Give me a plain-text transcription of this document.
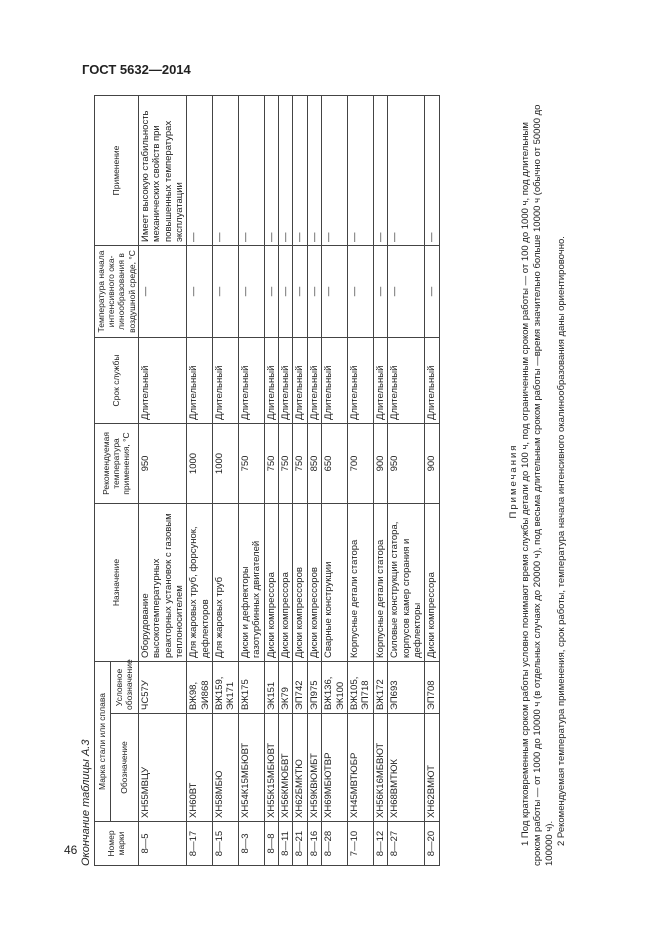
ГОСТ 5632—2014
Окончание таблицы А.3 Номер марки	Марка стали или сплава		Назначение	Рекомендуемая температура применения, °С	Срок службы	Температура начала интенсивного ока-линообразования в воздушной среде, °С	Применение
	Обозначение	Условное обозначение					
8—5	ХН55МВЦУ	ЧС57У	Оборудование высокотемпературных реакторных установок с газовым теплоносителем	950	Длительный	—	Имеет высокую стабильность механических свойств при повышенных температурах эксплуатации
8—17	ХН60ВТ	ВЖ98, ЭИ868	Для жаровых труб, форсунок, дефлекторов	1000	Длительный	—	—
8—15	ХН58МБЮ	ВЖ159, ЭК171	Для жаровых труб	1000	Длительный	—	—
8—3	ХН54К15МБЮВТ	ВЖ175	Диски и дефлекторы газотурбинных двигателей	750	Длительный	—	—
8—8	ХН55К15МБЮВТ	ЭК151	Диски компрессора	750	Длительный	—	—
8—11	ХН56КМЮБВТ	ЭК79	Диски компрессора	750	Длительный	—	—
8—21	ХН62БМКТЮ	ЭП742	Диски компрессоров	750	Длительный	—	—
8—16	ХН59КВЮМБТ	ЭП975	Диски компрессоров	850	Длительный	—	—
8—28	ХН69МБЮТВР	ВЖ136, ЭК100	Сварные конструкции	650	Длительный	—	—
7—10	ХН45МВТЮБР	ВЖ105, ЭП718	Корпусные детали статора	700	Длительный	—	—
8—12	ХН56К16МБВЮТ	ВЖ172	Корпусные детали статора	900	Длительный	—	—
8—27	ХН68ВМТЮК	ЭП693	Силовые конструкции статора, корпусов камер сгорания и дефлекторы	950	Длительный	—	—
8—20	ХН62ВМЮТ	ЭП708	Диски компрессора	900	Длительный	—	—
Примечания 1 Под кратковременным сроком работы условно понимают время службы детали до 100 ч, под ограниченным сроком работы — от 100 до 1000 ч, под длительным сроком работы — от 1000 до 10000 ч (в отдельных случаях до 20000 ч), под весьма длительным сроком работы —время значительно больше 10000 ч (обычно от 50000 до 100000 ч). 2 Рекомендуемая температура применения, срок работы, температура начала интенсивного окалинообразования даны ориентировочно.

46
